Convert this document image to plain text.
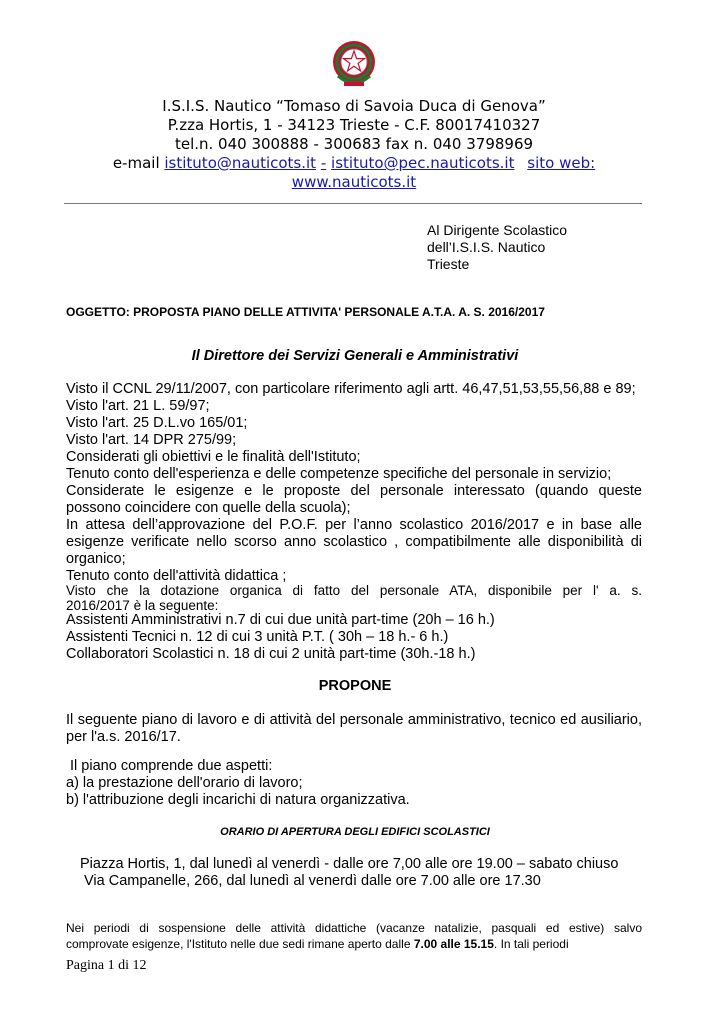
I.S.I.S. Nautico “Tomaso di Savoia Duca di Genova”
P.zza Hortis, 1 - 34123 Trieste - C.F. 80017410327
tel.n. 040 300888 - 300683 fax n. 040 3798969
e-mail istituto@nauticots.it - istituto@pec.nauticots.it sito web:
www.nauticots.it
Al Dirigente Scolastico
dell’I.S.I.S. Nautico
Trieste
OGGETTO: PROPOSTA PIANO DELLE ATTIVITA' PERSONALE A.T.A. A. S. 2016/2017
Il Direttore dei Servizi Generali e Amministrativi
Visto il CCNL 29/11/2007, con particolare riferimento agli artt. 46,47,51,53,55,56,88 e 89;
Visto l'art. 21 L. 59/97;
Visto l'art. 25 D.L.vo 165/01;
Visto l'art. 14 DPR 275/99;
Considerati gli obiettivi e le finalità dell'Istituto;
Tenuto conto dell'esperienza e delle competenze specifiche del personale in servizio;
Considerate le esigenze e le proposte del personale interessato (quando queste
possono coincidere con quelle della scuola);
In attesa dell’approvazione del P.O.F. per l’anno scolastico 2016/2017 e in base alle
esigenze verificate nello scorso anno scolastico , compatibilmente alle disponibilità di
organico;
Tenuto conto dell'attività didattica ;
Visto che la dotazione organica di fatto del personale ATA, disponibile per l' a. s.
2016/2017 è la seguente:
Assistenti Amministrativi n.7 di cui due unità part-time (20h – 16 h.)
Assistenti Tecnici n. 12 di cui 3 unità P.T. ( 30h – 18 h.- 6 h.)
Collaboratori Scolastici n. 18 di cui 2 unità part-time (30h.-18 h.)
PROPONE
Il seguente piano di lavoro e di attività del personale amministrativo, tecnico ed ausiliario,
per l'a.s. 2016/17.
Il piano comprende due aspetti:
a) la prestazione dell'orario di lavoro;
b) l'attribuzione degli incarichi di natura organizzativa.
ORARIO DI APERTURA DEGLI EDIFICI SCOLASTICI
Piazza Hortis, 1, dal lunedì al venerdì - dalle ore 7,00 alle ore 19.00 – sabato chiuso
Via Campanelle, 266, dal lunedì al venerdì dalle ore 7.00 alle ore 17.30
Nei periodi di sospensione delle attività didattiche (vacanze natalizie, pasquali ed estive) salvo
comprovate esigenze, l'Istituto nelle due sedi rimane aperto dalle 7.00 alle 15.15. In tali periodi
Pagina 1 di 12
